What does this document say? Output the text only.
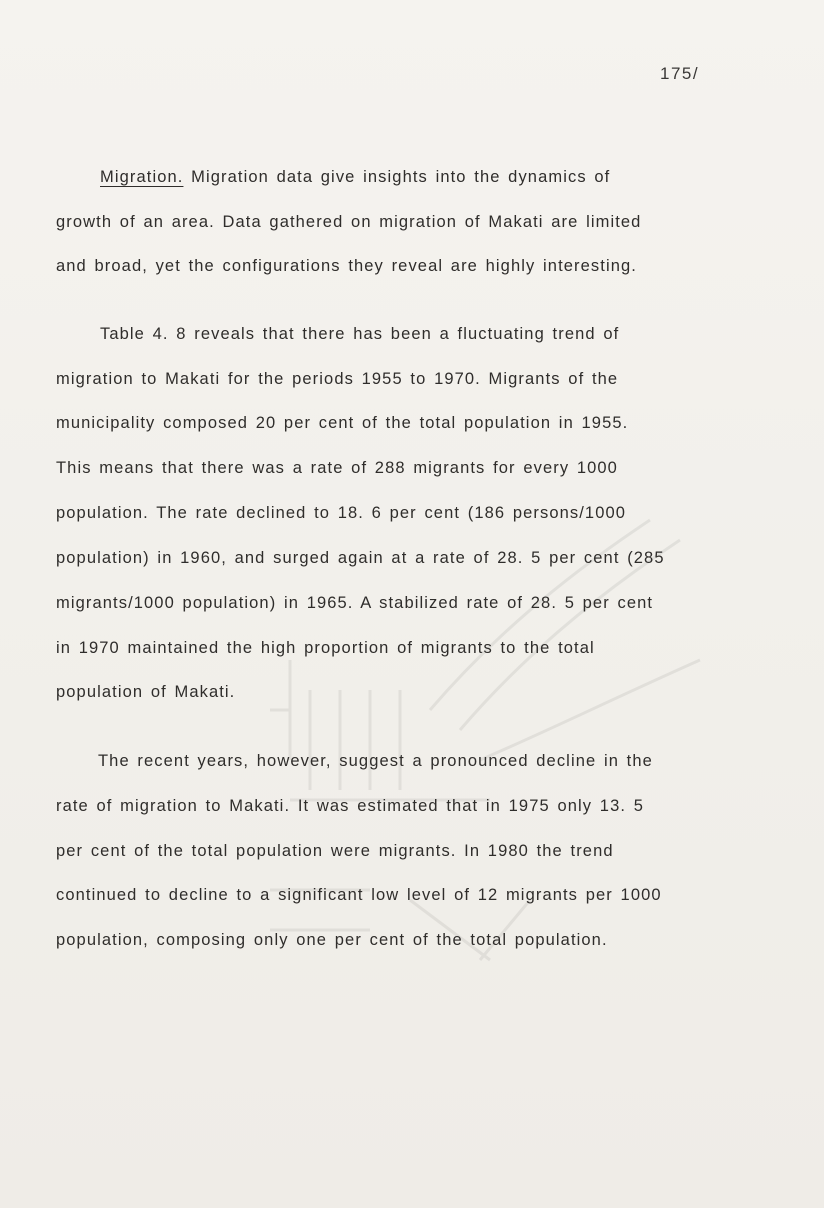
175/
Migration. Migration data give insights into the dynamics of
growth of an area. Data gathered on migration of Makati are limited
and broad, yet the configurations they reveal are highly interesting.
Table 4. 8 reveals that there has been a fluctuating trend of
migration to Makati for the periods 1955 to 1970. Migrants of the
municipality composed 20 per cent of the total population in 1955.
This means that there was a rate of 288 migrants for every 1000
population. The rate declined to 18. 6 per cent (186 persons/1000
population) in 1960, and surged again at a rate of 28. 5 per cent (285
migrants/1000 population) in 1965. A stabilized rate of 28. 5 per cent
in 1970 maintained the high proportion of migrants to the total
population of Makati.
The recent years, however, suggest a pronounced decline in the
rate of migration to Makati. It was estimated that in 1975 only 13. 5
per cent of the total population were migrants. In 1980 the trend
continued to decline to a significant low level of 12 migrants per 1000
population, composing only one per cent of the total population.
